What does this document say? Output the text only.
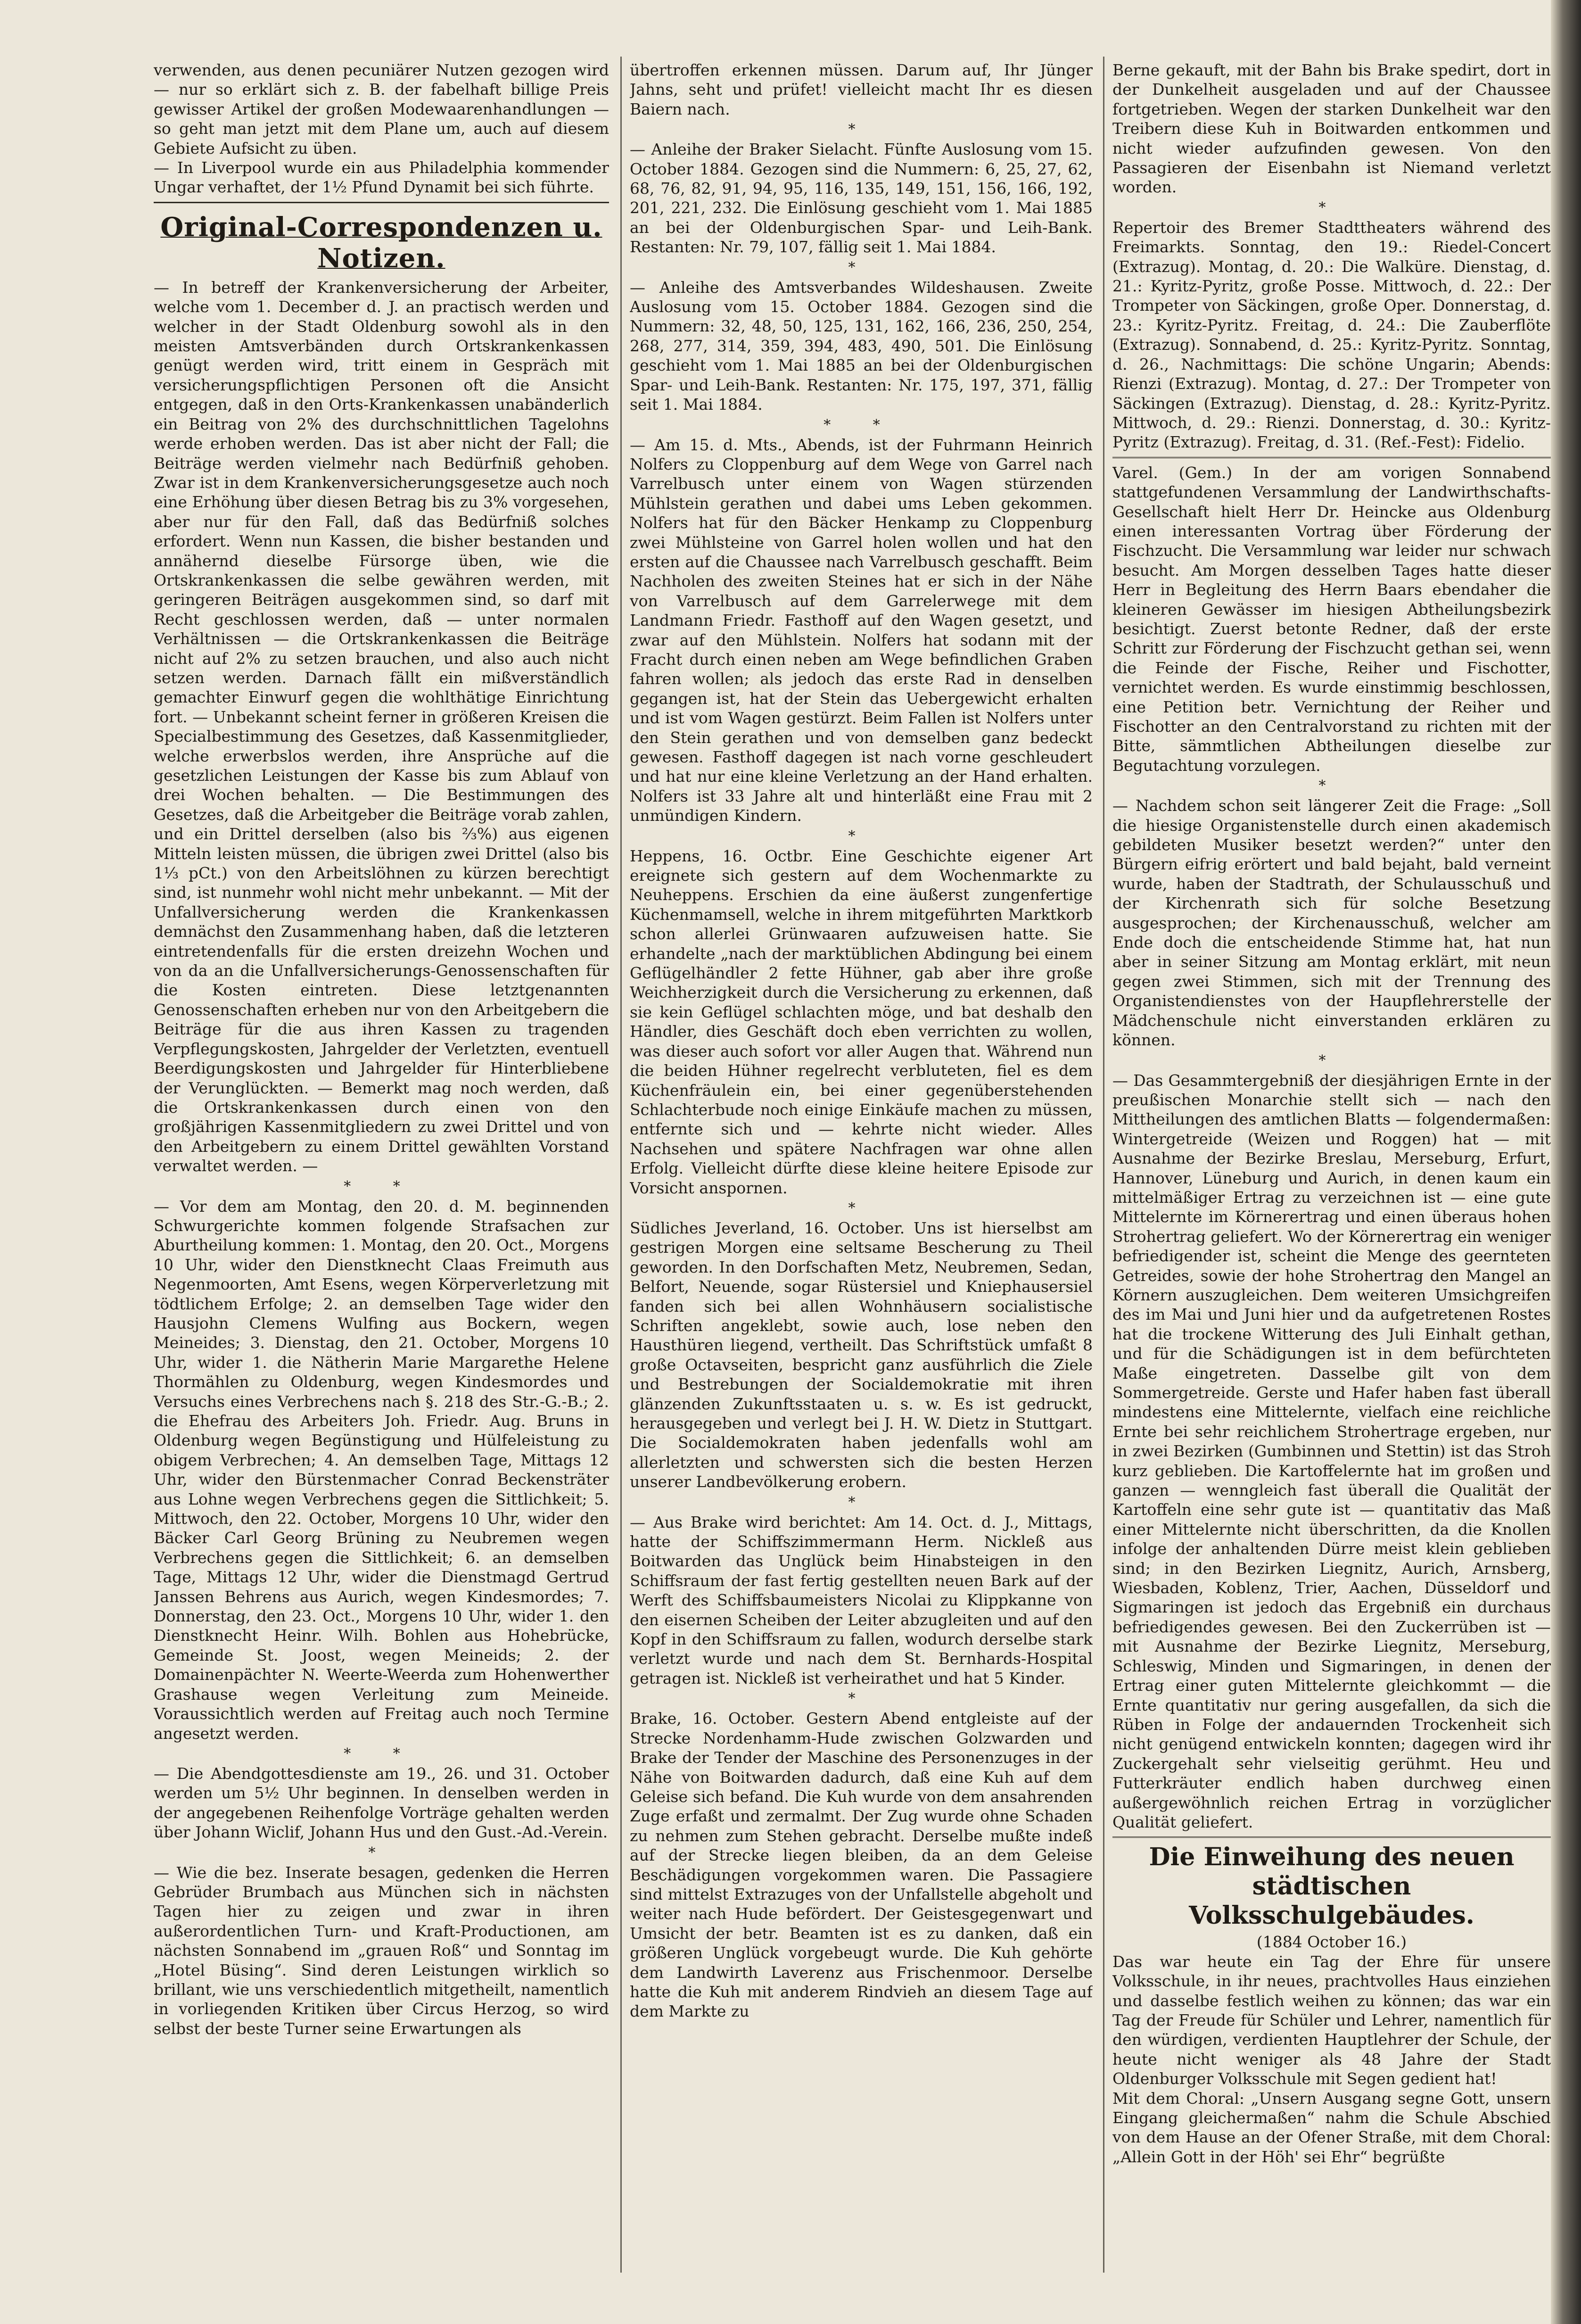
verwenden, aus denen pecuniärer Nutzen gezogen wird — nur so erklärt sich z. B. der fabelhaft billige Preis gewisser Artikel der großen Modewaarenhandlungen — so geht man jetzt mit dem Plane um, auch auf diesem Gebiete Aufsicht zu üben.

— In Liverpool wurde ein aus Philadelphia kommender Ungar verhaftet, der 1½ Pfund Dynamit bei sich führte.

Original-Correspondenzen u. Notizen.

— In betreff der Krankenversicherung der Arbeiter, welche vom 1. December d. J. an practisch werden und welcher in der Stadt Oldenburg sowohl als in den meisten Amtsverbänden durch Ortskrankenkassen genügt werden wird, tritt einem in Gespräch mit versicherungspflichtigen Personen oft die Ansicht entgegen, daß in den Orts-Krankenkassen unabänderlich ein Beitrag von 2% des durchschnittlichen Tagelohns werde erhoben werden. Das ist aber nicht der Fall; die Beiträge werden vielmehr nach Bedürfniß gehoben. Zwar ist in dem Krankenversicherungsgesetze auch noch eine Erhöhung über diesen Betrag bis zu 3% vorgesehen, aber nur für den Fall, daß das Bedürfniß solches erfordert. Wenn nun Kassen, die bisher bestanden und annähernd dieselbe Fürsorge üben, wie die Ortskrankenkassen die selbe gewähren werden, mit geringeren Beiträgen ausgekommen sind, so darf mit Recht geschlossen werden, daß — unter normalen Verhältnissen — die Ortskrankenkassen die Beiträge nicht auf 2% zu setzen brauchen, und also auch nicht setzen werden. Darnach fällt ein mißverständlich gemachter Einwurf gegen die wohlthätige Einrichtung fort. — Unbekannt scheint ferner in größeren Kreisen die Specialbestimmung des Gesetzes, daß Kassenmitglieder, welche erwerbslos werden, ihre Ansprüche auf die gesetzlichen Leistungen der Kasse bis zum Ablauf von drei Wochen behalten. — Die Bestimmungen des Gesetzes, daß die Arbeitgeber die Beiträge vorab zahlen, und ein Drittel derselben (also bis ⅔%) aus eigenen Mitteln leisten müssen, die übrigen zwei Drittel (also bis 1⅓ pCt.) von den Arbeitslöhnen zu kürzen berechtigt sind, ist nunmehr wohl nicht mehr unbekannt. — Mit der Unfallversicherung werden die Krankenkassen demnächst den Zusammenhang haben, daß die letzteren eintretendenfalls für die ersten dreizehn Wochen und von da an die Unfallversicherungs-Genossenschaften für die Kosten eintreten. Diese letztgenannten Genossenschaften erheben nur von den Arbeitgebern die Beiträge für die aus ihren Kassen zu tragenden Verpflegungskosten, Jahrgelder der Verletzten, eventuell Beerdigungskosten und Jahrgelder für Hinterbliebene der Verunglückten. — Bemerkt mag noch werden, daß die Ortskrankenkassen durch einen von den großjährigen Kassenmitgliedern zu zwei Drittel und von den Arbeitgebern zu einem Drittel gewählten Vorstand verwaltet werden. —

* *

— Vor dem am Montag, den 20. d. M. beginnenden Schwurgerichte kommen folgende Strafsachen zur Aburtheilung kommen: 1. Montag, den 20. Oct., Morgens 10 Uhr, wider den Dienstknecht Claas Freimuth aus Negenmoorten, Amt Esens, wegen Körperverletzung mit tödtlichem Erfolge; 2. an demselben Tage wider den Hausjohn Clemens Wulfing aus Bockern, wegen Meineides; 3. Dienstag, den 21. October, Morgens 10 Uhr, wider 1. die Nätherin Marie Margarethe Helene Thormählen zu Oldenburg, wegen Kindesmordes und Versuchs eines Verbrechens nach §. 218 des Str.-G.-B.; 2. die Ehefrau des Arbeiters Joh. Friedr. Aug. Bruns in Oldenburg wegen Begünstigung und Hülfeleistung zu obigem Verbrechen; 4. An demselben Tage, Mittags 12 Uhr, wider den Bürstenmacher Conrad Beckensträter aus Lohne wegen Verbrechens gegen die Sittlichkeit; 5. Mittwoch, den 22. October, Morgens 10 Uhr, wider den Bäcker Carl Georg Brüning zu Neubremen wegen Verbrechens gegen die Sittlichkeit; 6. an demselben Tage, Mittags 12 Uhr, wider die Dienstmagd Gertrud Janssen Behrens aus Aurich, wegen Kindesmordes; 7. Donnerstag, den 23. Oct., Morgens 10 Uhr, wider 1. den Dienstknecht Heinr. Wilh. Bohlen aus Hohebrücke, Gemeinde St. Joost, wegen Meineids; 2. der Domainenpächter N. Weerte-Weerda zum Hohenwerther Grashause wegen Verleitung zum Meineide. Voraussichtlich werden auf Freitag auch noch Termine angesetzt werden.

* *

— Die Abendgottesdienste am 19., 26. und 31. October werden um 5½ Uhr beginnen. In denselben werden in der angegebenen Reihenfolge Vorträge gehalten werden über Johann Wiclif, Johann Hus und den Gust.-Ad.-Verein.

*

— Wie die bez. Inserate besagen, gedenken die Herren Gebrüder Brumbach aus München sich in nächsten Tagen hier zu zeigen und zwar in ihren außerordentlichen Turn- und Kraft-Productionen, am nächsten Sonnabend im „grauen Roß“ und Sonntag im „Hotel Büsing“. Sind deren Leistungen wirklich so brillant, wie uns verschiedentlich mitgetheilt, namentlich in vorliegenden Kritiken über Circus Herzog, so wird selbst der beste Turner seine Erwartungen als

übertroffen erkennen müssen. Darum auf, Ihr Jünger Jahns, seht und prüfet! vielleicht macht Ihr es diesen Baiern nach.

*

— Anleihe der Braker Sielacht. Fünfte Auslosung vom 15. October 1884. Gezogen sind die Nummern: 6, 25, 27, 62, 68, 76, 82, 91, 94, 95, 116, 135, 149, 151, 156, 166, 192, 201, 221, 232. Die Einlösung geschieht vom 1. Mai 1885 an bei der Oldenburgischen Spar- und Leih-Bank. Restanten: Nr. 79, 107, fällig seit 1. Mai 1884.

*

— Anleihe des Amtsverbandes Wildeshausen. Zweite Auslosung vom 15. October 1884. Gezogen sind die Nummern: 32, 48, 50, 125, 131, 162, 166, 236, 250, 254, 268, 277, 314, 359, 394, 483, 490, 501. Die Einlösung geschieht vom 1. Mai 1885 an bei der Oldenburgischen Spar- und Leih-Bank. Restanten: Nr. 175, 197, 371, fällig seit 1. Mai 1884.

* *

— Am 15. d. Mts., Abends, ist der Fuhrmann Heinrich Nolfers zu Cloppenburg auf dem Wege von Garrel nach Varrelbusch unter einem von Wagen stürzenden Mühlstein gerathen und dabei ums Leben gekommen. Nolfers hat für den Bäcker Henkamp zu Cloppenburg zwei Mühlsteine von Garrel holen wollen und hat den ersten auf die Chaussee nach Varrelbusch geschafft. Beim Nachholen des zweiten Steines hat er sich in der Nähe von Varrelbusch auf dem Garrelerwege mit dem Landmann Friedr. Fasthoff auf den Wagen gesetzt, und zwar auf den Mühlstein. Nolfers hat sodann mit der Fracht durch einen neben am Wege befindlichen Graben fahren wollen; als jedoch das erste Rad in denselben gegangen ist, hat der Stein das Uebergewicht erhalten und ist vom Wagen gestürzt. Beim Fallen ist Nolfers unter den Stein gerathen und von demselben ganz bedeckt gewesen. Fasthoff dagegen ist nach vorne geschleudert und hat nur eine kleine Verletzung an der Hand erhalten. Nolfers ist 33 Jahre alt und hinterläßt eine Frau mit 2 unmündigen Kindern.

*

Heppens, 16. Octbr. Eine Geschichte eigener Art ereignete sich gestern auf dem Wochenmarkte zu Neuheppens. Erschien da eine äußerst zungenfertige Küchenmamsell, welche in ihrem mitgeführten Marktkorb schon allerlei Grünwaaren aufzuweisen hatte. Sie erhandelte „nach der marktüblichen Abdingung bei einem Geflügelhändler 2 fette Hühner, gab aber ihre große Weichherzigkeit durch die Versicherung zu erkennen, daß sie kein Geflügel schlachten möge, und bat deshalb den Händler, dies Geschäft doch eben verrichten zu wollen, was dieser auch sofort vor aller Augen that. Während nun die beiden Hühner regelrecht verbluteten, fiel es dem Küchenfräulein ein, bei einer gegenüberstehenden Schlachterbude noch einige Einkäufe machen zu müssen, entfernte sich und — kehrte nicht wieder. Alles Nachsehen und spätere Nachfragen war ohne allen Erfolg. Vielleicht dürfte diese kleine heitere Episode zur Vorsicht anspornen.

*

Südliches Jeverland, 16. October. Uns ist hierselbst am gestrigen Morgen eine seltsame Bescherung zu Theil geworden. In den Dorfschaften Metz, Neubremen, Sedan, Belfort, Neuende, sogar Rüstersiel und Kniephausersiel fanden sich bei allen Wohnhäusern socialistische Schriften angeklebt, sowie auch, lose neben den Hausthüren liegend, vertheilt. Das Schriftstück umfaßt 8 große Octavseiten, bespricht ganz ausführlich die Ziele und Bestrebungen der Socialdemokratie mit ihren glänzenden Zukunftsstaaten u. s. w. Es ist gedruckt, herausgegeben und verlegt bei J. H. W. Dietz in Stuttgart. Die Socialdemokraten haben jedenfalls wohl am allerletzten und schwersten sich die besten Herzen unserer Landbevölkerung erobern.

*

— Aus Brake wird berichtet: Am 14. Oct. d. J., Mittags, hatte der Schiffszimmermann Herm. Nickleß aus Boitwarden das Unglück beim Hinabsteigen in den Schiffsraum der fast fertig gestellten neuen Bark auf der Werft des Schiffsbaumeisters Nicolai zu Klippkanne von den eisernen Scheiben der Leiter abzugleiten und auf den Kopf in den Schiffsraum zu fallen, wodurch derselbe stark verletzt wurde und nach dem St. Bernhards-Hospital getragen ist. Nickleß ist verheirathet und hat 5 Kinder.

*

Brake, 16. October. Gestern Abend entgleiste auf der Strecke Nordenhamm-Hude zwischen Golzwarden und Brake der Tender der Maschine des Personenzuges in der Nähe von Boitwarden dadurch, daß eine Kuh auf dem Geleise sich befand. Die Kuh wurde von dem ansahrenden Zuge erfaßt und zermalmt. Der Zug wurde ohne Schaden zu nehmen zum Stehen gebracht. Derselbe mußte indeß auf der Strecke liegen bleiben, da an dem Geleise Beschädigungen vorgekommen waren. Die Passagiere sind mittelst Extrazuges von der Unfallstelle abgeholt und weiter nach Hude befördert. Der Geistesgegenwart und Umsicht der betr. Beamten ist es zu danken, daß ein größeren Unglück vorgebeugt wurde. Die Kuh gehörte dem Landwirth Laverenz aus Frischenmoor. Derselbe hatte die Kuh mit anderem Rindvieh an diesem Tage auf dem Markte zu

Berne gekauft, mit der Bahn bis Brake spedirt, dort in der Dunkelheit ausgeladen und auf der Chaussee fortgetrieben. Wegen der starken Dunkelheit war den Treibern diese Kuh in Boitwarden entkommen und nicht wieder aufzufinden gewesen. Von den Passagieren der Eisenbahn ist Niemand verletzt worden.

*

Repertoir des Bremer Stadttheaters während des Freimarkts. Sonntag, den 19.: Riedel-Concert (Extrazug). Montag, d. 20.: Die Walküre. Dienstag, d. 21.: Kyritz-Pyritz, große Posse. Mittwoch, d. 22.: Der Trompeter von Säckingen, große Oper. Donnerstag, d. 23.: Kyritz-Pyritz. Freitag, d. 24.: Die Zauberflöte (Extrazug). Sonnabend, d. 25.: Kyritz-Pyritz. Sonntag, d. 26., Nachmittags: Die schöne Ungarin; Abends: Rienzi (Extrazug). Montag, d. 27.: Der Trompeter von Säckingen (Extrazug). Dienstag, d. 28.: Kyritz-Pyritz. Mittwoch, d. 29.: Rienzi. Donnerstag, d. 30.: Kyritz-Pyritz (Extrazug). Freitag, d. 31. (Ref.-Fest): Fidelio.

Varel. (Gem.) In der am vorigen Sonnabend stattgefundenen Versammlung der Landwirthschafts-Gesellschaft hielt Herr Dr. Heincke aus Oldenburg einen interessanten Vortrag über Förderung der Fischzucht. Die Versammlung war leider nur schwach besucht. Am Morgen desselben Tages hatte dieser Herr in Begleitung des Herrn Baars ebendaher die kleineren Gewässer im hiesigen Abtheilungsbezirk besichtigt. Zuerst betonte Redner, daß der erste Schritt zur Förderung der Fischzucht gethan sei, wenn die Feinde der Fische, Reiher und Fischotter, vernichtet werden. Es wurde einstimmig beschlossen, eine Petition betr. Vernichtung der Reiher und Fischotter an den Centralvorstand zu richten mit der Bitte, sämmtlichen Abtheilungen dieselbe zur Begutachtung vorzulegen.

*

— Nachdem schon seit längerer Zeit die Frage: „Soll die hiesige Organistenstelle durch einen akademisch gebildeten Musiker besetzt werden?“ unter den Bürgern eifrig erörtert und bald bejaht, bald verneint wurde, haben der Stadtrath, der Schulausschuß und der Kirchenrath sich für solche Besetzung ausgesprochen; der Kirchenausschuß, welcher am Ende doch die entscheidende Stimme hat, hat nun aber in seiner Sitzung am Montag erklärt, mit neun gegen zwei Stimmen, sich mit der Trennung des Organistendienstes von der Haupflehrerstelle der Mädchenschule nicht einverstanden erklären zu können.

*

— Das Gesammtergebniß der diesjährigen Ernte in der preußischen Monarchie stellt sich — nach den Mittheilungen des amtlichen Blatts — folgendermaßen: Wintergetreide (Weizen und Roggen) hat — mit Ausnahme der Bezirke Breslau, Merseburg, Erfurt, Hannover, Lüneburg und Aurich, in denen kaum ein mittelmäßiger Ertrag zu verzeichnen ist — eine gute Mittelernte im Körnerertrag und einen überaus hohen Strohertrag geliefert. Wo der Körnerertrag ein weniger befriedigender ist, scheint die Menge des geernteten Getreides, sowie der hohe Strohertrag den Mangel an Körnern auszugleichen. Dem weiteren Umsichgreifen des im Mai und Juni hier und da aufgetretenen Rostes hat die trockene Witterung des Juli Einhalt gethan, und für die Schädigungen ist in dem befürchteten Maße eingetreten. Dasselbe gilt von dem Sommergetreide. Gerste und Hafer haben fast überall mindestens eine Mittelernte, vielfach eine reichliche Ernte bei sehr reichlichem Strohertrage ergeben, nur in zwei Bezirken (Gumbinnen und Stettin) ist das Stroh kurz geblieben. Die Kartoffelernte hat im großen und ganzen — wenngleich fast überall die Qualität der Kartoffeln eine sehr gute ist — quantitativ das Maß einer Mittelernte nicht überschritten, da die Knollen infolge der anhaltenden Dürre meist klein geblieben sind; in den Bezirken Liegnitz, Aurich, Arnsberg, Wiesbaden, Koblenz, Trier, Aachen, Düsseldorf und Sigmaringen ist jedoch das Ergebniß ein durchaus befriedigendes gewesen. Bei den Zuckerrüben ist — mit Ausnahme der Bezirke Liegnitz, Merseburg, Schleswig, Minden und Sigmaringen, in denen der Ertrag einer guten Mittelernte gleichkommt — die Ernte quantitativ nur gering ausgefallen, da sich die Rüben in Folge der andauernden Trockenheit sich nicht genügend entwickeln konnten; dagegen wird ihr Zuckergehalt sehr vielseitig gerühmt. Heu und Futterkräuter endlich haben durchweg einen außergewöhnlich reichen Ertrag in vorzüglicher Qualität geliefert.

Die Einweihung des neuen städtischen Volksschulgebäudes.
(1884 October 16.)

Das war heute ein Tag der Ehre für unsere Volksschule, in ihr neues, prachtvolles Haus einziehen und dasselbe festlich weihen zu können; das war ein Tag der Freude für Schüler und Lehrer, namentlich für den würdigen, verdienten Hauptlehrer der Schule, der heute nicht weniger als 48 Jahre der Stadt Oldenburger Volksschule mit Segen gedient hat!

Mit dem Choral: „Unsern Ausgang segne Gott, unsern Eingang gleichermaßen“ nahm die Schule Abschied von dem Hause an der Ofener Straße, mit dem Choral: „Allein Gott in der Höh' sei Ehr“ begrüßte
